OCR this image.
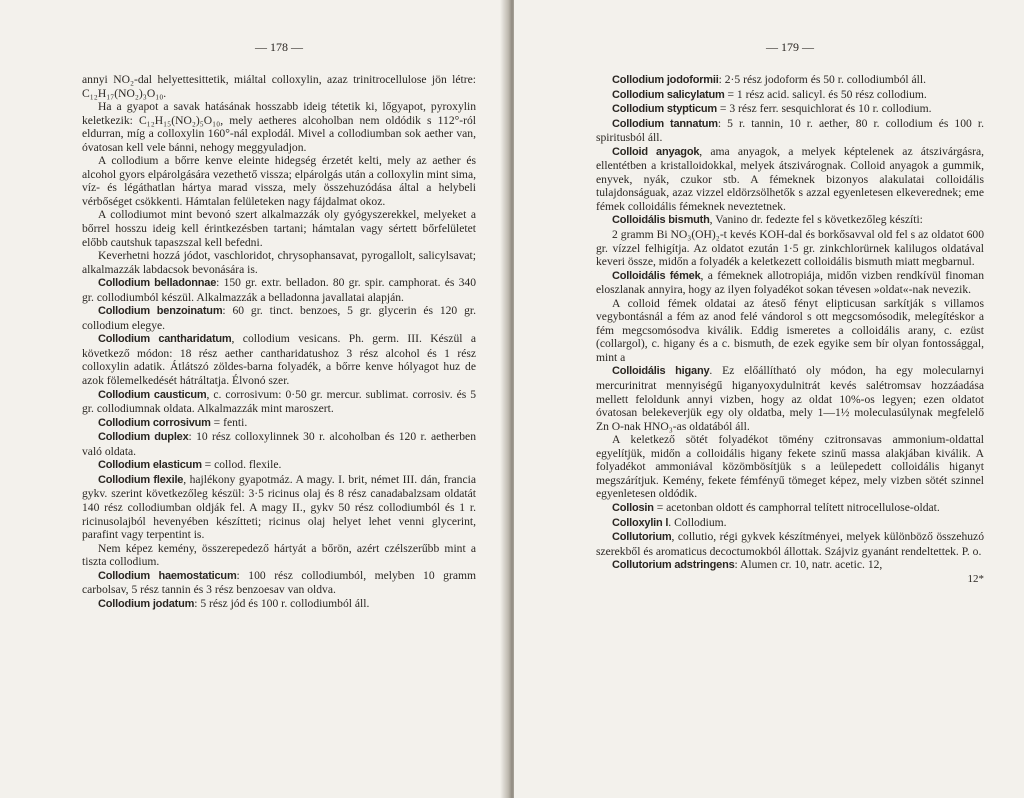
— 178 —

annyi NO₂-dal helyettesittetik, miáltal colloxylin, azaz trinitrocellulose jön létre: C₁₂H₁₇(NO₂)₃O₁₀.

Ha a gyapot a savak hatásának hosszabb ideig tétetik ki, lőgyapot, pyroxylin keletkezik: C₁₂H₁₅(NO₂)₅O₁₀, mely aetheres alcoholban nem oldódik s 112°-ról eldurran, míg a colloxylin 160°-nál explodál. Mivel a collodiumban sok aether van, óvatosan kell vele bánni, nehogy meggyuladjon.

A collodium a bőrre kenve eleinte hidegség érzetét kelti, mely az aether és alcohol gyors elpárolgására vezethető vissza; elpárolgás után a colloxylin mint sima, víz- és légáthatlan hártya marad vissza, mely összehuzódása által a helybeli vérbőséget csökkenti. Hámtalan felületeken nagy fájdalmat okoz.

A collodiumot mint bevonó szert alkalmazzák oly gyógyszerekkel, melyeket a bőrrel hosszu ideig kell érintkezésben tartani; hámtalan vagy sértett bőrfelületet előbb cautshuk tapaszszal kell befedni.

Keverhetni hozzá jódot, vaschloridot, chrysophansavat, pyrogallolt, salicylsavat; alkalmazzák labdacsok bevonására is.

Collodium belladonnae: 150 gr. extr. belladon. 80 gr. spir. camphorat. és 340 gr. collodiumból készül. Alkalmazzák a belladonna javallatai alapján.

Collodium benzoinatum: 60 gr. tinct. benzoes, 5 gr. glycerin és 120 gr. collodium elegye.

Collodium cantharidatum, collodium vesicans. Ph. germ. III. Készül a következő módon: 18 rész aether cantharidatushoz 3 rész alcohol és 1 rész colloxylin adatik. Átlátszó zöldes-barna folyadék, a bőrre kenve hólyagot huz de azok fölemelkedését hátráltatja. Élvonó szer.

Collodium causticum, c. corrosivum: 0·50 gr. mercur. sublimat. corrosiv. és 5 gr. collodiumnak oldata. Alkalmazzák mint maroszert.

Collodium corrosivum = fenti.

Collodium duplex: 10 rész colloxylinnek 30 r. alcoholban és 120 r. aetherben való oldata.

Collodium elasticum = collod. flexile.

Collodium flexile, hajlékony gyapotmáz. A magy. I. brit, német III. dán, francia gykv. szerint következőleg készül: 3·5 ricinus olaj és 8 rész canadabalzsam oldatát 140 rész collodiumban oldják fel. A magy II., gykv 50 rész collodiumból és 1 r. ricinusolajból hevenyében készítteti; ricinus olaj helyet lehet venni glycerint, parafint vagy terpentint is.

Nem képez kemény, összerepedező hártyát a bőrön, azért czélszerűbb mint a tiszta collodium.

Collodium haemostaticum: 100 rész collodiumból, melyben 10 gramm carbolsav, 5 rész tannin és 3 rész benzoesav van oldva.

Collodium jodatum: 5 rész jód és 100 r. collodiumból áll.

— 179 —

Collodium jodoformii: 2·5 rész jodoform és 50 r. collodiumból áll.

Collodium salicylatum = 1 rész acid. salicyl. és 50 rész collodium.

Collodium stypticum = 3 rész ferr. sesquichlorat és 10 r. collodium.

Collodium tannatum: 5 r. tannin, 10 r. aether, 80 r. collodium és 100 r. spiritusból áll.

Colloid anyagok, ama anyagok, a melyek képtelenek az átszivárgásra, ellentétben a kristalloidokkal, melyek átszivárognak. Colloid anyagok a gummik, enyvek, nyák, czukor stb. A fémeknek bizonyos alakulatai colloidális tulajdonságuak, azaz vizzel eldörzsölhetők s azzal egyenletesen elkeverednek; eme fémek colloidális fémeknek neveztetnek.

Colloidális bismuth, Vanino dr. fedezte fel s következőleg készíti:

2 gramm Bi NO₃(OH)₂-t kevés KOH-dal és borkősavval old fel s az oldatot 600 gr. vízzel felhigítja. Az oldatot ezután 1·5 gr. zinkchlorürnek kalilugos oldatával keveri össze, midőn a folyadék a keletkezett colloidális bismuth miatt megbarnul.

Colloidális fémek, a fémeknek allotropiája, midőn vizben rendkívül finoman eloszlanak annyira, hogy az ilyen folyadékot sokan tévesen »oldat«-nak nevezik.

A colloid fémek oldatai az áteső fényt elipticusan sarkítják s villamos vegybontásnál a fém az anod felé vándorol s ott megcsomósodik, melegítéskor a fém megcsomósodva kiválik. Eddig ismeretes a colloidális arany, c. ezüst (collargol), c. higany és a c. bismuth, de ezek egyike sem bír olyan fontossággal, mint a

Colloidális higany. Ez előállítható oly módon, ha egy molecularnyi mercurinitrat mennyiségű higanyoxydulnitrát kevés salétromsav hozzáadása mellett feloldunk annyi vizben, hogy az oldat 10%-os legyen; ezen oldatot óvatosan belekeverjük egy oly oldatba, mely 1—1½ moleculasúlynak megfelelő Zn O-nak HNO₃-as oldatából áll.

A keletkező sötét folyadékot tömény czitronsavas ammonium-oldattal egyelítjük, midőn a colloidális higany fekete szinű massa alakjában kiválik. A folyadékot ammoniával közömbösítjük s a leülepedett colloidális higanyt megszárítjuk. Kemény, fekete fémfényű tömeget képez, mely vizben sötét szinnel egyenletesen oldódik.

Collosin = acetonban oldott és camphorral telített nitrocellulose-oldat.

Colloxylin l. Collodium.

Collutorium, collutio, régi gykvek készítményei, melyek különböző összehuzó szerekből és aromaticus decoctumokból állottak. Szájviz gyanánt rendeltettek. P. o.

Collutorium adstringens: Alumen cr. 10, natr. acetic. 12,

12*
